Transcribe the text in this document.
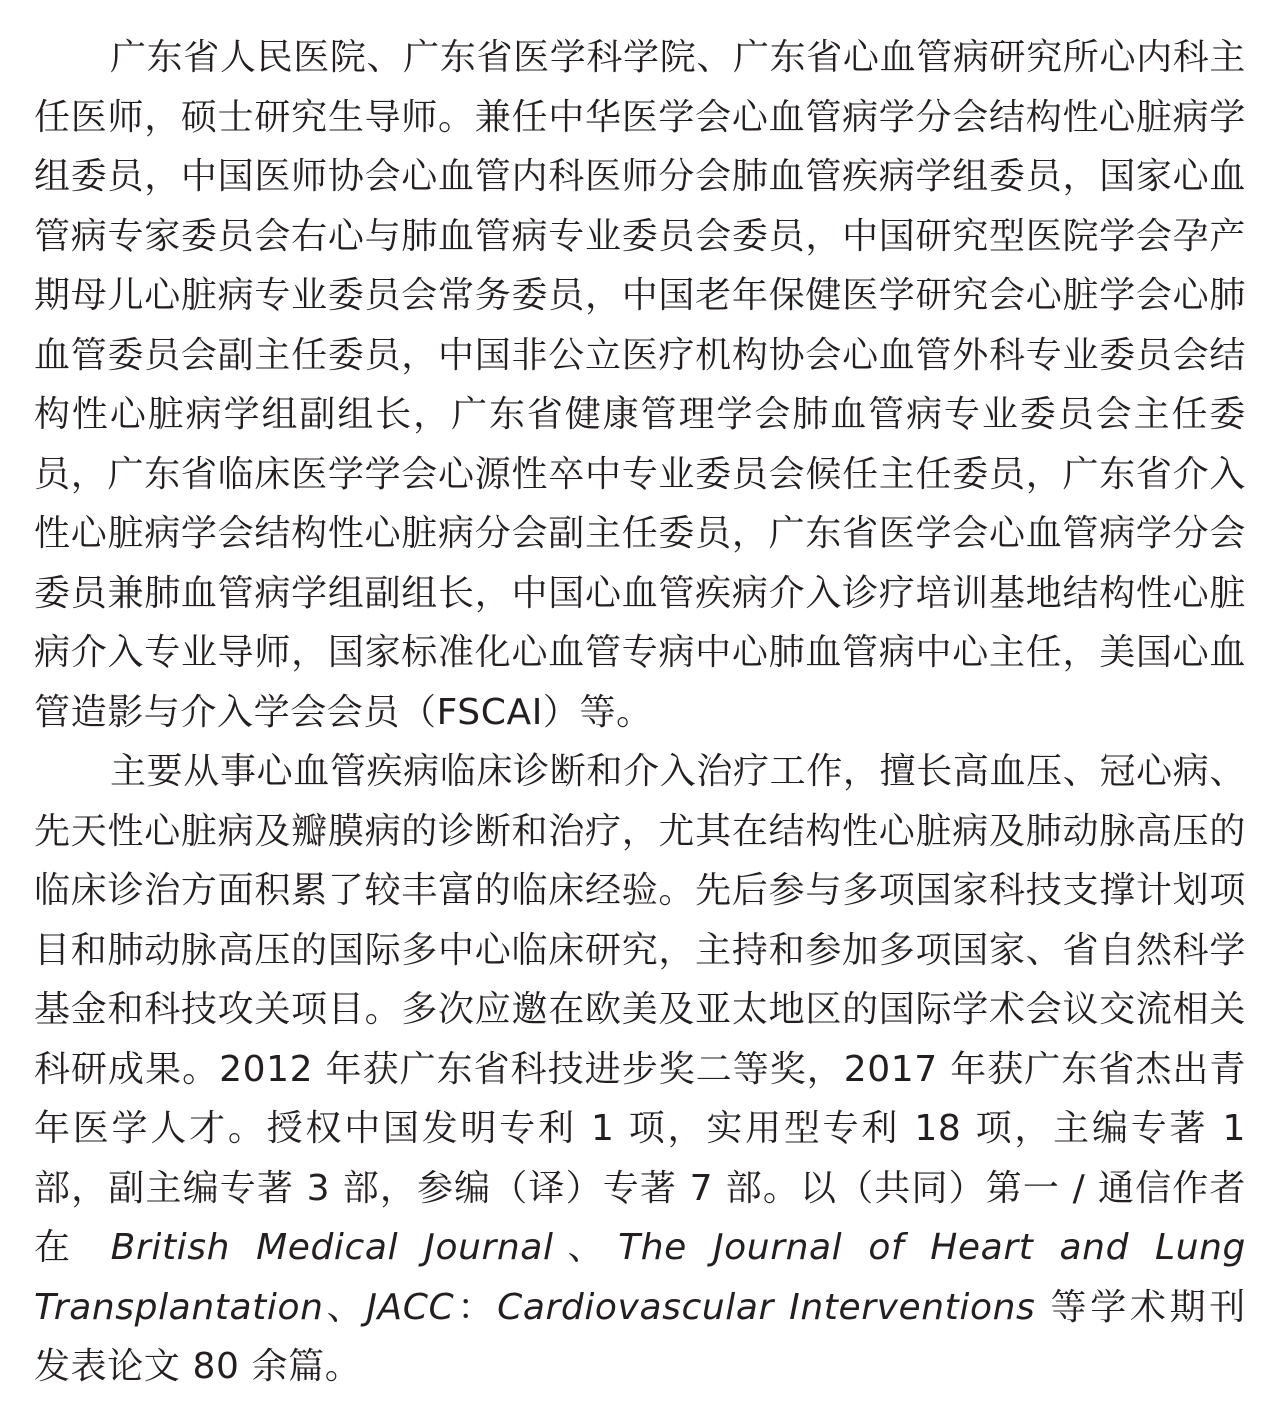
广东省人民医院、广东省医学科学院、广东省心血管病研究所心内科主任医师，硕士研究生导师。兼任中华医学会心血管病学分会结构性心脏病学组委员，中国医师协会心血管内科医师分会肺血管疾病学组委员，国家心血管病专家委员会右心与肺血管病专业委员会委员，中国研究型医院学会孕产期母儿心脏病专业委员会常务委员，中国老年保健医学研究会心脏学会心肺血管委员会副主任委员，中国非公立医疗机构协会心血管外科专业委员会结构性心脏病学组副组长，广东省健康管理学会肺血管病专业委员会主任委员，广东省临床医学学会心源性卒中专业委员会候任主任委员，广东省介入性心脏病学会结构性心脏病分会副主任委员，广东省医学会心血管病学分会委员兼肺血管病学组副组长，中国心血管疾病介入诊疗培训基地结构性心脏病介入专业导师，国家标准化心血管专病中心肺血管病中心主任，美国心血管造影与介入学会会员（FSCAI）等。

主要从事心血管疾病临床诊断和介入治疗工作，擅长高血压、冠心病、先天性心脏病及瓣膜病的诊断和治疗，尤其在结构性心脏病及肺动脉高压的临床诊治方面积累了较丰富的临床经验。先后参与多项国家科技支撑计划项目和肺动脉高压的国际多中心临床研究，主持和参加多项国家、省自然科学基金和科技攻关项目。多次应邀在欧美及亚太地区的国际学术会议交流相关科研成果。2012 年获广东省科技进步奖二等奖，2017 年获广东省杰出青年医学人才。授权中国发明专利 1 项，实用型专利 18 项，主编专著 1 部，副主编专著 3 部，参编（译）专著 7 部。以（共同）第一 / 通信作者在 British Medical Journal、The Journal of Heart and Lung Transplantation、JACC：Cardiovascular Interventions 等学术期刊发表论文 80 余篇。
